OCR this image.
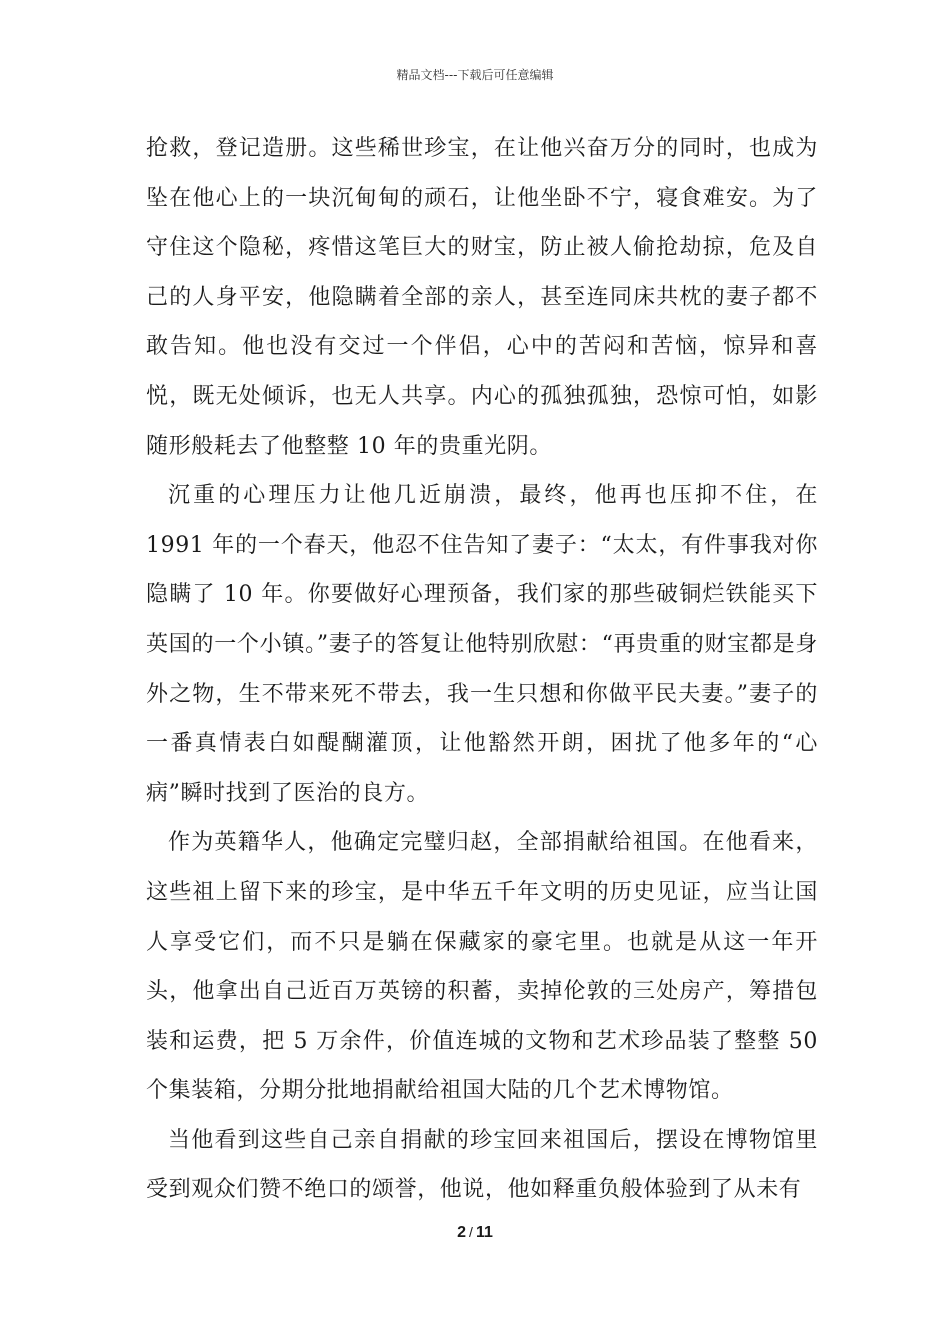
精品文档---下载后可任意编辑

抢救，登记造册。这些稀世珍宝，在让他兴奋万分的同时，也成为坠在他心上的一块沉甸甸的顽石，让他坐卧不宁，寝食难安。为了守住这个隐秘，疼惜这笔巨大的财宝，防止被人偷抢劫掠，危及自己的人身平安，他隐瞒着全部的亲人，甚至连同床共枕的妻子都不敢告知。他也没有交过一个伴侣，心中的苦闷和苦恼，惊异和喜悦，既无处倾诉，也无人共享。内心的孤独孤独，恐惊可怕，如影随形般耗去了他整整 10 年的贵重光阴。

沉重的心理压力让他几近崩溃，最终，他再也压抑不住，在 1991 年的一个春天，他忍不住告知了妻子：“太太，有件事我对你隐瞒了 10 年。你要做好心理预备，我们家的那些破铜烂铁能买下英国的一个小镇。”妻子的答复让他特别欣慰：“再贵重的财宝都是身外之物，生不带来死不带去，我一生只想和你做平民夫妻。”妻子的一番真情表白如醍醐灌顶，让他豁然开朗，困扰了他多年的“心病”瞬时找到了医治的良方。

作为英籍华人，他确定完璧归赵，全部捐献给祖国。在他看来，这些祖上留下来的珍宝，是中华五千年文明的历史见证，应当让国人享受它们，而不只是躺在保藏家的豪宅里。也就是从这一年开头，他拿出自己近百万英镑的积蓄，卖掉伦敦的三处房产，筹措包装和运费，把 5 万余件，价值连城的文物和艺术珍品装了整整 50 个集装箱，分期分批地捐献给祖国大陆的几个艺术博物馆。

当他看到这些自己亲自捐献的珍宝回来祖国后，摆设在博物馆里受到观众们赞不绝口的颂誉，他说，他如释重负般体验到了从未有

2 / 11
